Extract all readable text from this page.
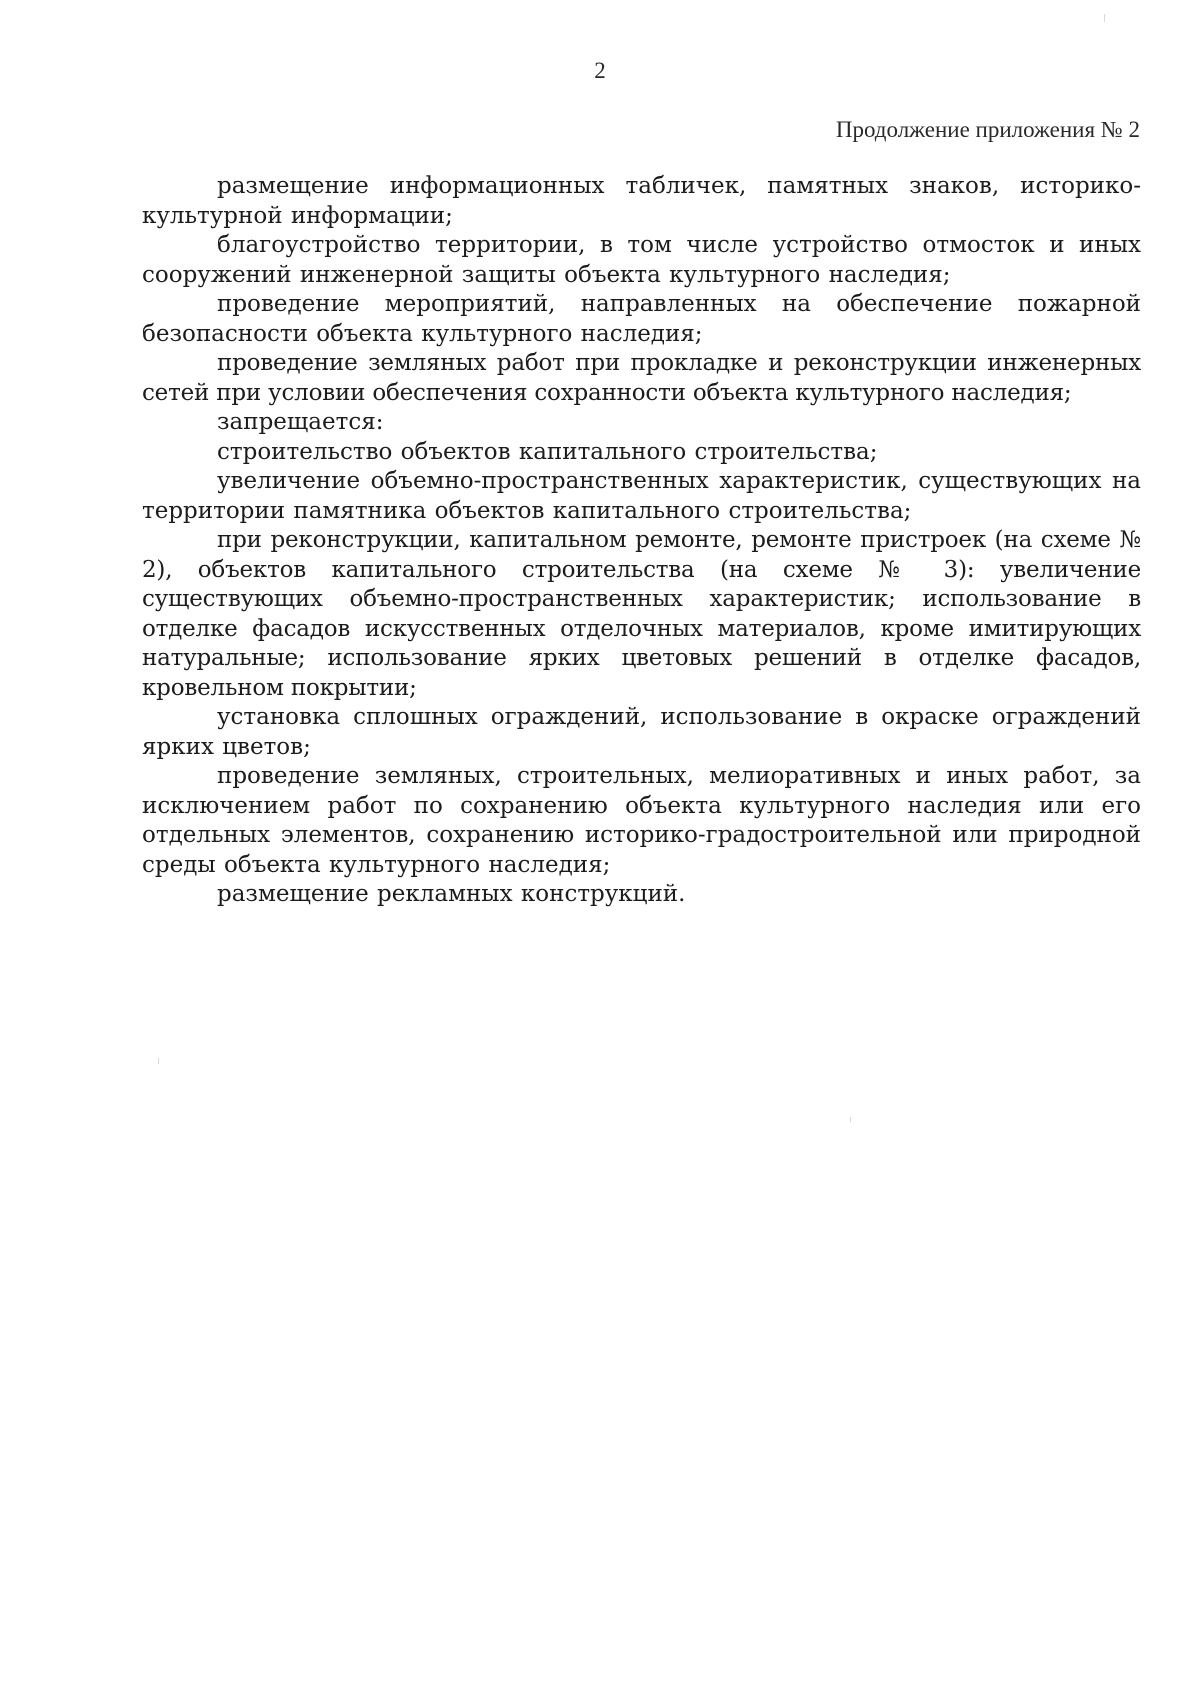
2
Продолжение приложения № 2

размещение информационных табличек, памятных знаков, историко-культурной информации;

благоустройство территории, в том числе устройство отмосток и иных сооружений инженерной защиты объекта культурного наследия;

проведение мероприятий, направленных на обеспечение пожарной безопасности объекта культурного наследия;

проведение земляных работ при прокладке и реконструкции инженерных сетей при условии обеспечения сохранности объекта культурного наследия;

запрещается:

строительство объектов капитального строительства;

увеличение объемно-пространственных характеристик, существующих на территории памятника объектов капитального строительства;

при реконструкции, капитальном ремонте, ремонте пристроек (на схеме № 2), объектов капитального строительства (на схеме № 3): увеличение существующих объемно-пространственных характеристик; использование в отделке фасадов искусственных отделочных материалов, кроме имитирующих натуральные; использование ярких цветовых решений в отделке фасадов, кровельном покрытии;

установка сплошных ограждений, использование в окраске ограждений ярких цветов;

проведение земляных, строительных, мелиоративных и иных работ, за исключением работ по сохранению объекта культурного наследия или его отдельных элементов, сохранению историко-градостроительной или природной среды объекта культурного наследия;

размещение рекламных конструкций.
